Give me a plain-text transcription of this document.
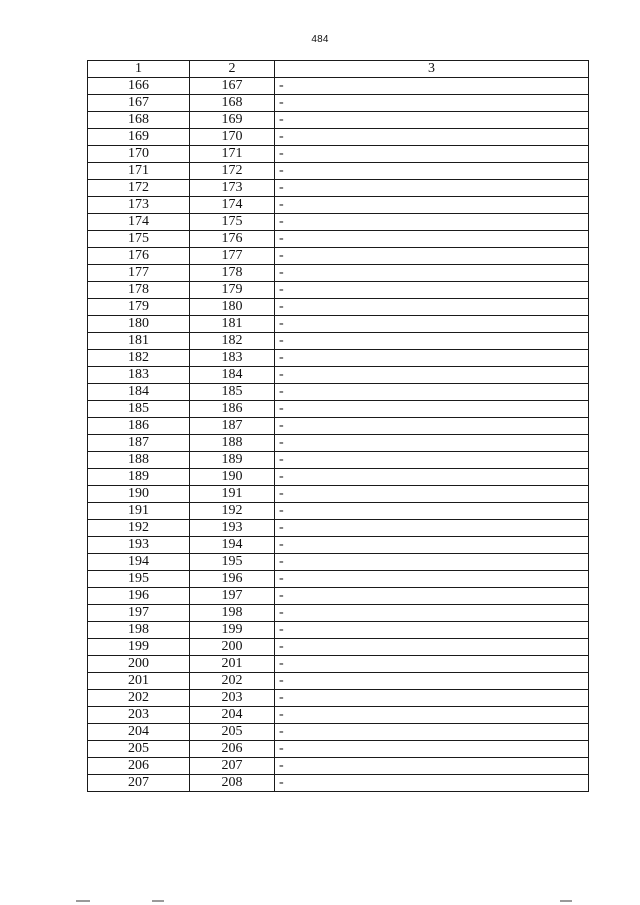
484
1	2	3
166	167	-
167	168	-
168	169	-
169	170	-
170	171	-
171	172	-
172	173	-
173	174	-
174	175	-
175	176	-
176	177	-
177	178	-
178	179	-
179	180	-
180	181	-
181	182	-
182	183	-
183	184	-
184	185	-
185	186	-
186	187	-
187	188	-
188	189	-
189	190	-
190	191	-
191	192	-
192	193	-
193	194	-
194	195	-
195	196	-
196	197	-
197	198	-
198	199	-
199	200	-
200	201	-
201	202	-
202	203	-
203	204	-
204	205	-
205	206	-
206	207	-
207	208	-
